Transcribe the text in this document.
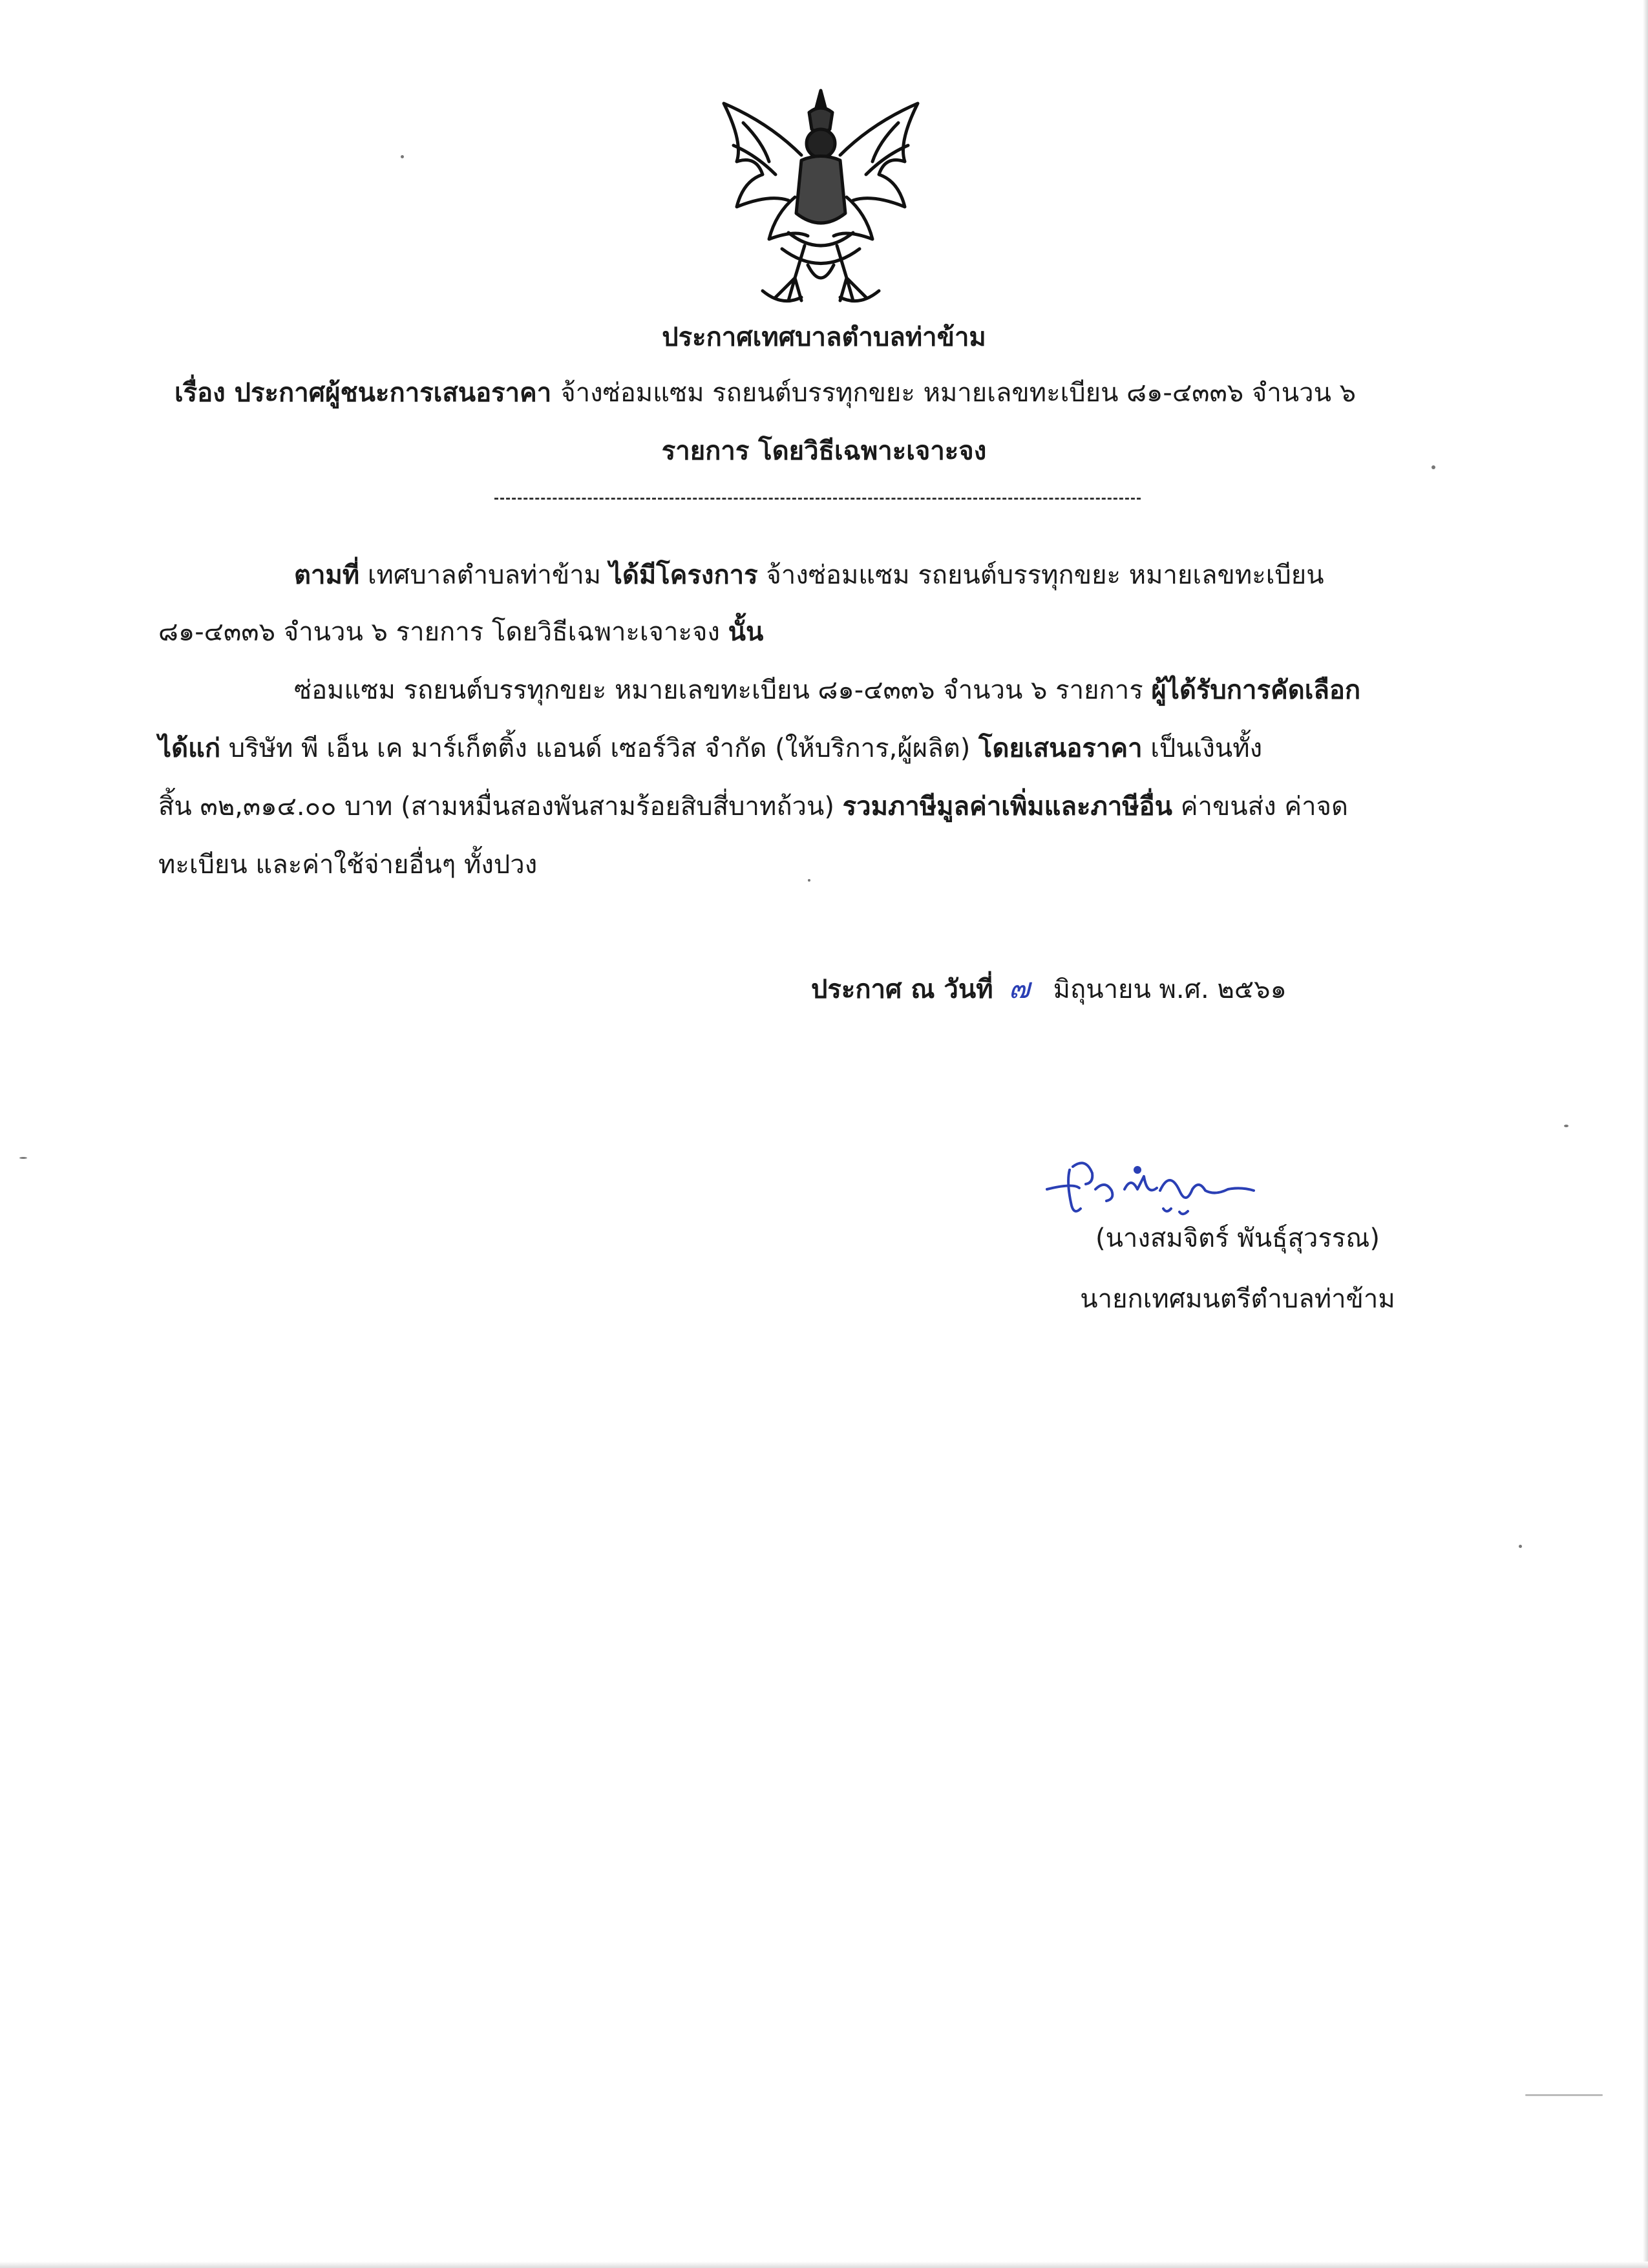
ประกาศเทศบาลตำบลท่าข้าม
เรื่อง ประกาศผู้ชนะการเสนอราคา จ้างซ่อมแซม รถยนต์บรรทุกขยะ หมายเลขทะเบียน ๘๑-๔๓๓๖ จำนวน ๖
รายการ โดยวิธีเฉพาะเจาะจง
ตามที่ เทศบาลตำบลท่าข้าม ได้มีโครงการ จ้างซ่อมแซม รถยนต์บรรทุกขยะ หมายเลขทะเบียน
๘๑-๔๓๓๖ จำนวน ๖ รายการ โดยวิธีเฉพาะเจาะจง นั้น
ซ่อมแซม รถยนต์บรรทุกขยะ หมายเลขทะเบียน ๘๑-๔๓๓๖ จำนวน ๖ รายการ ผู้ได้รับการคัดเลือก
ได้แก่ บริษัท พี เอ็น เค มาร์เก็ตติ้ง แอนด์ เซอร์วิส จำกัด (ให้บริการ,ผู้ผลิต) โดยเสนอราคา เป็นเงินทั้ง
สิ้น ๓๒,๓๑๔.๐๐ บาท (สามหมื่นสองพันสามร้อยสิบสี่บาทถ้วน) รวมภาษีมูลค่าเพิ่มและภาษีอื่น ค่าขนส่ง ค่าจด
ทะเบียน และค่าใช้จ่ายอื่นๆ ทั้งปวง
ประกาศ ณ วันที่ ๗ มิถุนายน พ.ศ. ๒๕๖๑
(นางสมจิตร์ พันธุ์สุวรรณ)
นายกเทศมนตรีตำบลท่าข้าม
